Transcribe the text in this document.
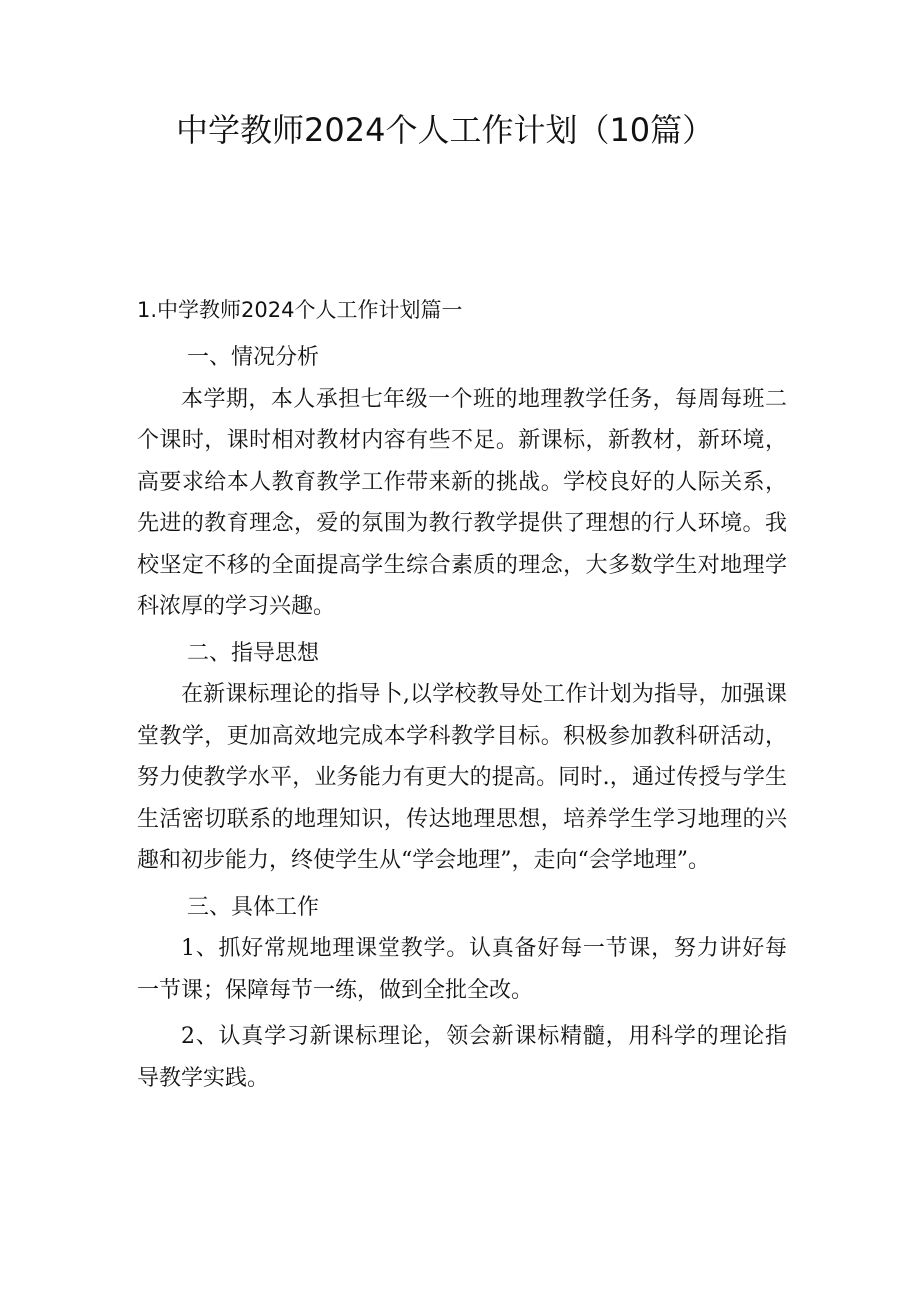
中学教师2024个人工作计划（10篇）
1.中学教师2024个人工作计划篇一

一、情况分析

本学期，本人承担七年级一个班的地理教学任务，每周每班二个课时，课时相对教材内容有些不足。新课标，新教材，新环境，高要求给本人教育教学工作带来新的挑战。学校良好的人际关系，先进的教育理念，爱的氛围为教行教学提供了理想的行人环境。我校坚定不移的全面提高学生综合素质的理念，大多数学生对地理学科浓厚的学习兴趣。

二、指导思想

在新课标理论的指导卜,以学校教导处工作计划为指导，加强课堂教学，更加高效地完成本学科教学目标。积极参加教科研活动，努力使教学水平，业务能力有更大的提高。同时.，通过传授与学生生活密切联系的地理知识，传达地理思想，培养学生学习地理的兴趣和初步能力，终使学生从“学会地理”，走向“会学地理”。

三、具体工作

1、抓好常规地理课堂教学。认真备好每一节课，努力讲好每一节课；保障每节一练，做到全批全改。

2、认真学习新课标理论，领会新课标精髓，用科学的理论指导教学实践。
